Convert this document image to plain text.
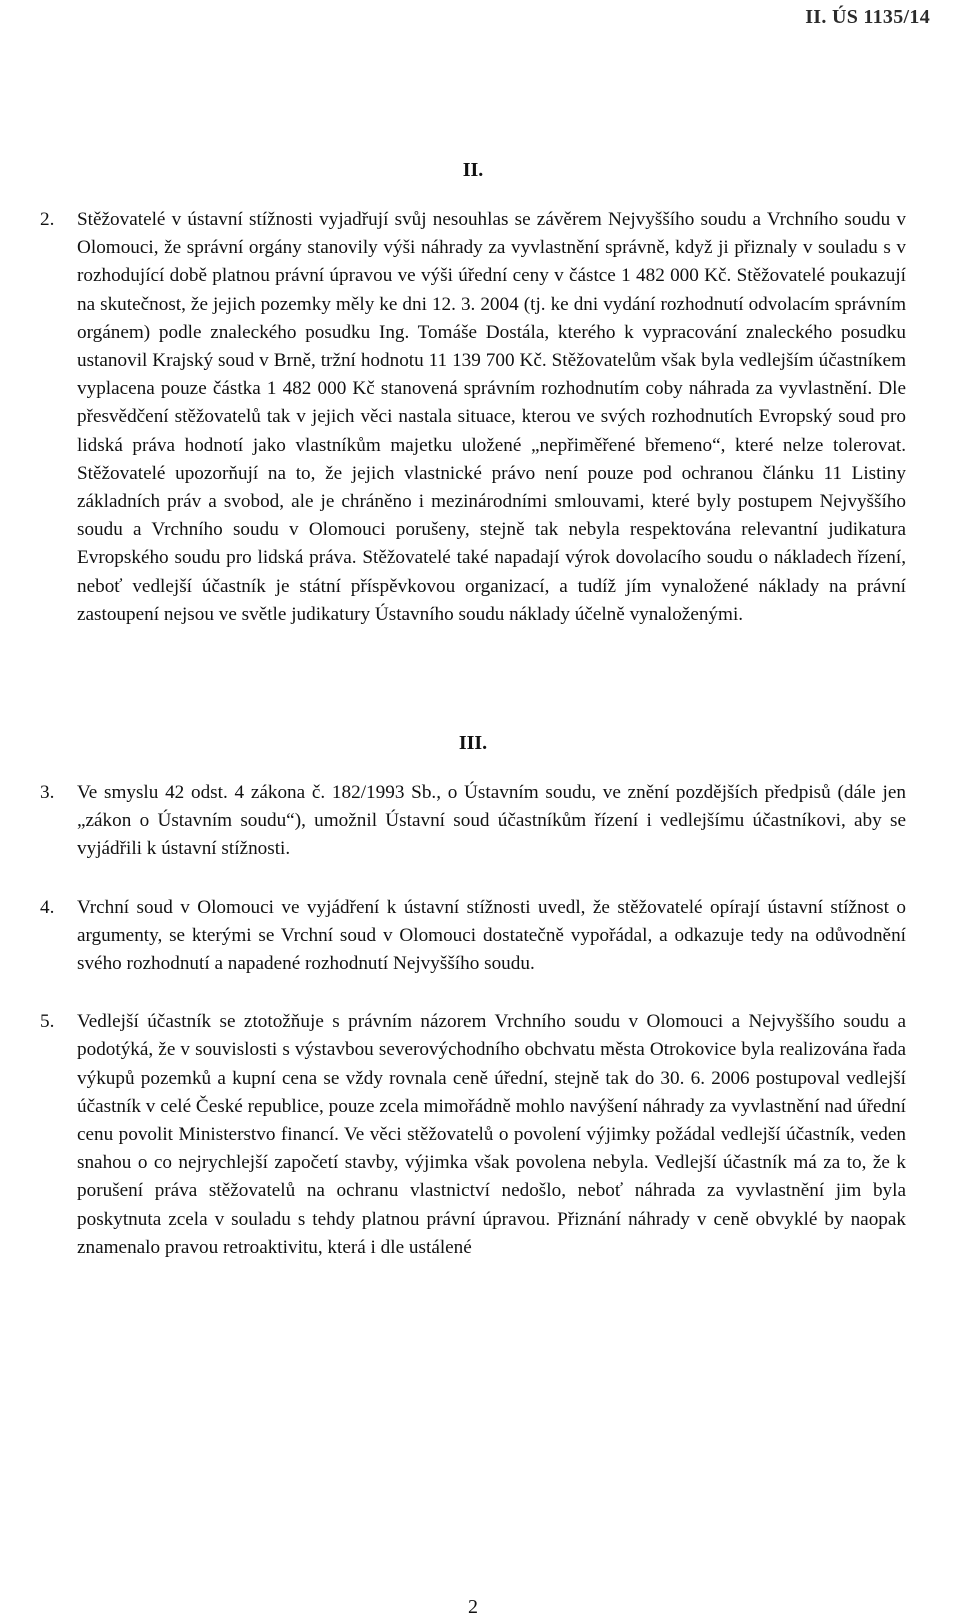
II. ÚS 1135/14
II.
2.	Stěžovatelé v ústavní stížnosti vyjadřují svůj nesouhlas se závěrem Nejvyššího soudu a Vrchního soudu v Olomouci, že správní orgány stanovily výši náhrady za vyvlastnění správně, když ji přiznaly v souladu s v rozhodující době platnou právní úpravou ve výši úřední ceny v částce 1 482 000 Kč. Stěžovatelé poukazují na skutečnost, že jejich pozemky měly ke dni 12. 3. 2004 (tj. ke dni vydání rozhodnutí odvolacím správním orgánem) podle znaleckého posudku Ing. Tomáše Dostála, kterého k vypracování znaleckého posudku ustanovil Krajský soud v Brně, tržní hodnotu 11 139 700 Kč. Stěžovatelům však byla vedlejším účastníkem vyplacena pouze částka 1 482 000 Kč stanovená správním rozhodnutím coby náhrada za vyvlastnění. Dle přesvědčení stěžovatelů tak v jejich věci nastala situace, kterou ve svých rozhodnutích Evropský soud pro lidská práva hodnotí jako vlastníkům majetku uložené „nepřiměřené břemeno“, které nelze tolerovat. Stěžovatelé upozorňují na to, že jejich vlastnické právo není pouze pod ochranou článku 11 Listiny základních práv a svobod, ale je chráněno i mezinárodními smlouvami, které byly postupem Nejvyššího soudu a Vrchního soudu v Olomouci porušeny, stejně tak nebyla respektována relevantní judikatura Evropského soudu pro lidská práva. Stěžovatelé také napadají výrok dovolacího soudu o nákladech řízení, neboť vedlejší účastník je státní příspěvkovou organizací, a tudíž jím vynaložené náklady na právní zastoupení nejsou ve světle judikatury Ústavního soudu náklady účelně vynaloženými.
III.
3.	Ve smyslu 42 odst. 4 zákona č. 182/1993 Sb., o Ústavním soudu, ve znění pozdějších předpisů (dále jen „zákon o Ústavním soudu“), umožnil Ústavní soud účastníkům řízení i vedlejšímu účastníkovi, aby se vyjádřili k ústavní stížnosti.
4.	Vrchní soud v Olomouci ve vyjádření k ústavní stížnosti uvedl, že stěžovatelé opírají ústavní stížnost o argumenty, se kterými se Vrchní soud v Olomouci dostatečně vypořádal, a odkazuje tedy na odůvodnění svého rozhodnutí a napadené rozhodnutí Nejvyššího soudu.
5.	Vedlejší účastník se ztotožňuje s právním názorem Vrchního soudu v Olomouci a Nejvyššího soudu a podotýká, že v souvislosti s výstavbou severovýchodního obchvatu města Otrokovice byla realizována řada výkupů pozemků a kupní cena se vždy rovnala ceně úřední, stejně tak do 30. 6. 2006 postupoval vedlejší účastník v celé České republice, pouze zcela mimořádně mohlo navýšení náhrady za vyvlastnění nad úřední cenu povolit Ministerstvo financí. Ve věci stěžovatelů o povolení výjimky požádal vedlejší účastník, veden snahou o co nejrychlejší započetí stavby, výjimka však povolena nebyla. Vedlejší účastník má za to, že k porušení práva stěžovatelů na ochranu vlastnictví nedošlo, neboť náhrada za vyvlastnění jim byla poskytnuta zcela v souladu s tehdy platnou právní úpravou. Přiznání náhrady v ceně obvyklé by naopak znamenalo pravou retroaktivitu, která i dle ustálené
2
